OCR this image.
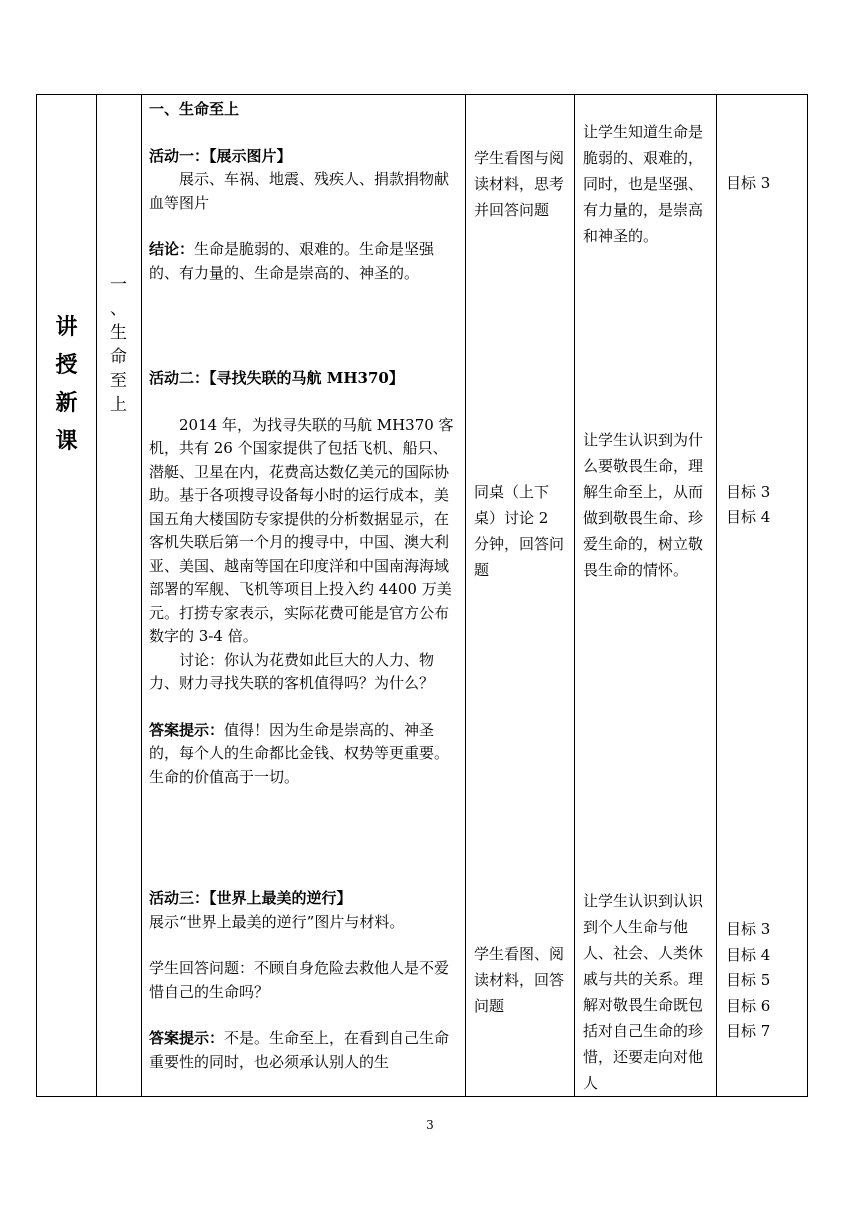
讲
授
新
课
一
、
生
命
至
上
一、生命至上
活动一：【展示图片】
展示、车祸、地震、残疾人、捐款捐物献血等图片
结论：生命是脆弱的、艰难的。生命是坚强的、有力量的、生命是崇高的、神圣的。
活动二：【寻找失联的马航 MH370】
2014 年，为找寻失联的马航 MH370 客机，共有 26 个国家提供了包括飞机、船只、潜艇、卫星在内，花费高达数亿美元的国际协助。基于各项搜寻设备每小时的运行成本，美国五角大楼国防专家提供的分析数据显示，在客机失联后第一个月的搜寻中，中国、澳大利亚、美国、越南等国在印度洋和中国南海海域部署的军舰、飞机等项目上投入约 4400 万美元。打捞专家表示，实际花费可能是官方公布数字的 3-4 倍。
讨论：你认为花费如此巨大的人力、物力、财力寻找失联的客机值得吗？为什么？
答案提示：值得！因为生命是崇高的、神圣的，每个人的生命都比金钱、权势等更重要。生命的价值高于一切。
活动三：【世界上最美的逆行】
展示“世界上最美的逆行”图片与材料。
学生回答问题：不顾自身危险去救他人是不爱惜自己的生命吗？
答案提示：不是。生命至上，在看到自己生命重要性的同时，也必须承认别人的生
学生看图与阅读材料，思考并回答问题
同桌（上下桌）讨论 2 分钟，回答问题
学生看图、阅读材料，回答问题
让学生知道生命是脆弱的、艰难的，同时，也是坚强、有力量的，是崇高和神圣的。
让学生认识到为什么要敬畏生命，理解生命至上，从而做到敬畏生命、珍爱生命的，树立敬畏生命的情怀。
让学生认识到认识到个人生命与他人、社会、人类休戚与共的关系。理解对敬畏生命既包括对自己生命的珍惜，还要走向对他人
目标 3
目标 3
目标 4
目标 3
目标 4
目标 5
目标 6
目标 7
3
